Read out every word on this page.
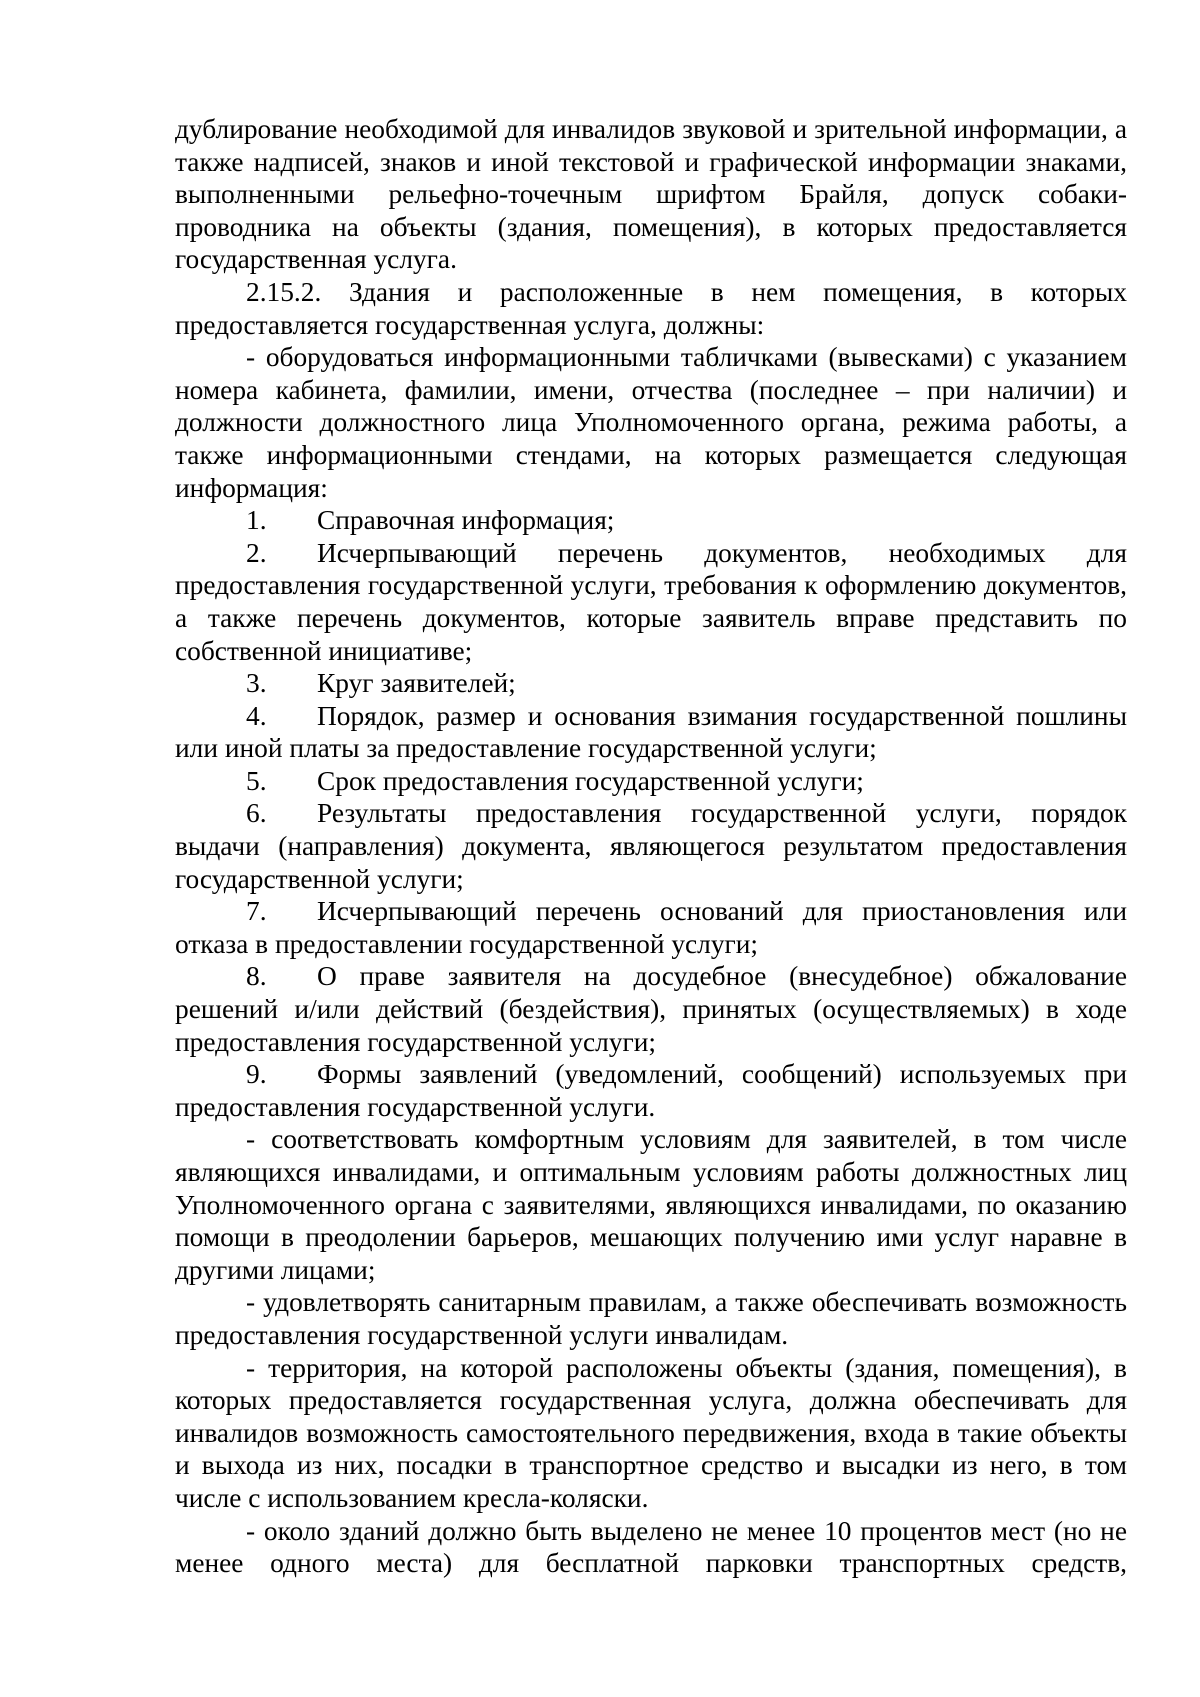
дублирование необходимой для инвалидов звуковой и зрительной информации, а также надписей, знаков и иной текстовой и графической информации знаками, выполненными рельефно-точечным шрифтом Брайля, допуск собаки-проводника на объекты (здания, помещения), в которых предоставляется государственная услуга.

2.15.2. Здания и расположенные в нем помещения, в которых предоставляется государственная услуга, должны:

- оборудоваться информационными табличками (вывесками) с указанием номера кабинета, фамилии, имени, отчества (последнее – при наличии) и должности должностного лица Уполномоченного органа, режима работы, а также информационными стендами, на которых размещается следующая информация:

1. Справочная информация;

2. Исчерпывающий перечень документов, необходимых для предоставления государственной услуги, требования к оформлению документов, а также перечень документов, которые заявитель вправе представить по собственной инициативе;

3. Круг заявителей;

4. Порядок, размер и основания взимания государственной пошлины или иной платы за предоставление государственной услуги;

5. Срок предоставления государственной услуги;

6. Результаты предоставления государственной услуги, порядок выдачи (направления) документа, являющегося результатом предоставления государственной услуги;

7. Исчерпывающий перечень оснований для приостановления или отказа в предоставлении государственной услуги;

8. О праве заявителя на досудебное (внесудебное) обжалование решений и/или действий (бездействия), принятых (осуществляемых) в ходе предоставления государственной услуги;

9. Формы заявлений (уведомлений, сообщений) используемых при предоставления государственной услуги.

- соответствовать комфортным условиям для заявителей, в том числе являющихся инвалидами, и оптимальным условиям работы должностных лиц Уполномоченного органа с заявителями, являющихся инвалидами, по оказанию помощи в преодолении барьеров, мешающих получению ими услуг наравне в другими лицами;

- удовлетворять санитарным правилам, а также обеспечивать возможность предоставления государственной услуги инвалидам.

- территория, на которой расположены объекты (здания, помещения), в которых предоставляется государственная услуга, должна обеспечивать для инвалидов возможность самостоятельного передвижения, входа в такие объекты и выхода из них, посадки в транспортное средство и высадки из него, в том числе с использованием кресла-коляски.

- около зданий должно быть выделено не менее 10 процентов мест (но не менее одного места) для бесплатной парковки транспортных средств,
